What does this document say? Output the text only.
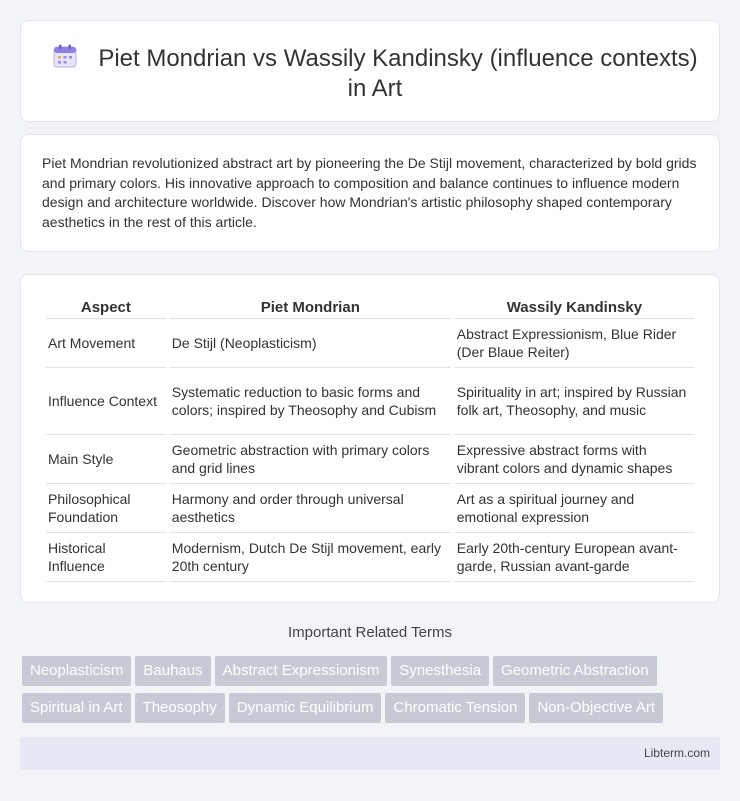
Piet Mondrian vs Wassily Kandinsky (influence contexts) in Art

Piet Mondrian revolutionized abstract art by pioneering the De Stijl movement, characterized by bold grids and primary colors. His innovative approach to composition and balance continues to influence modern design and architecture worldwide. Discover how Mondrian's artistic philosophy shaped contemporary aesthetics in the rest of this article.

Aspect	Piet Mondrian	Wassily Kandinsky
Art Movement	De Stijl (Neoplasticism)	Abstract Expressionism, Blue Rider (Der Blaue Reiter)
Influence Context	Systematic reduction to basic forms and colors; inspired by Theosophy and Cubism	Spirituality in art; inspired by Russian folk art, Theosophy, and music
Main Style	Geometric abstraction with primary colors and grid lines	Expressive abstract forms with vibrant colors and dynamic shapes
Philosophical Foundation	Harmony and order through universal aesthetics	Art as a spiritual journey and emotional expression
Historical Influence	Modernism, Dutch De Stijl movement, early 20th century	Early 20th-century European avant-garde, Russian avant-garde
Important Related Terms
Neoplasticism Bauhaus Abstract Expressionism Synesthesia Geometric Abstraction
Spiritual in Art Theosophy Dynamic Equilibrium Chromatic Tension Non-Objective Art
Libterm.com
